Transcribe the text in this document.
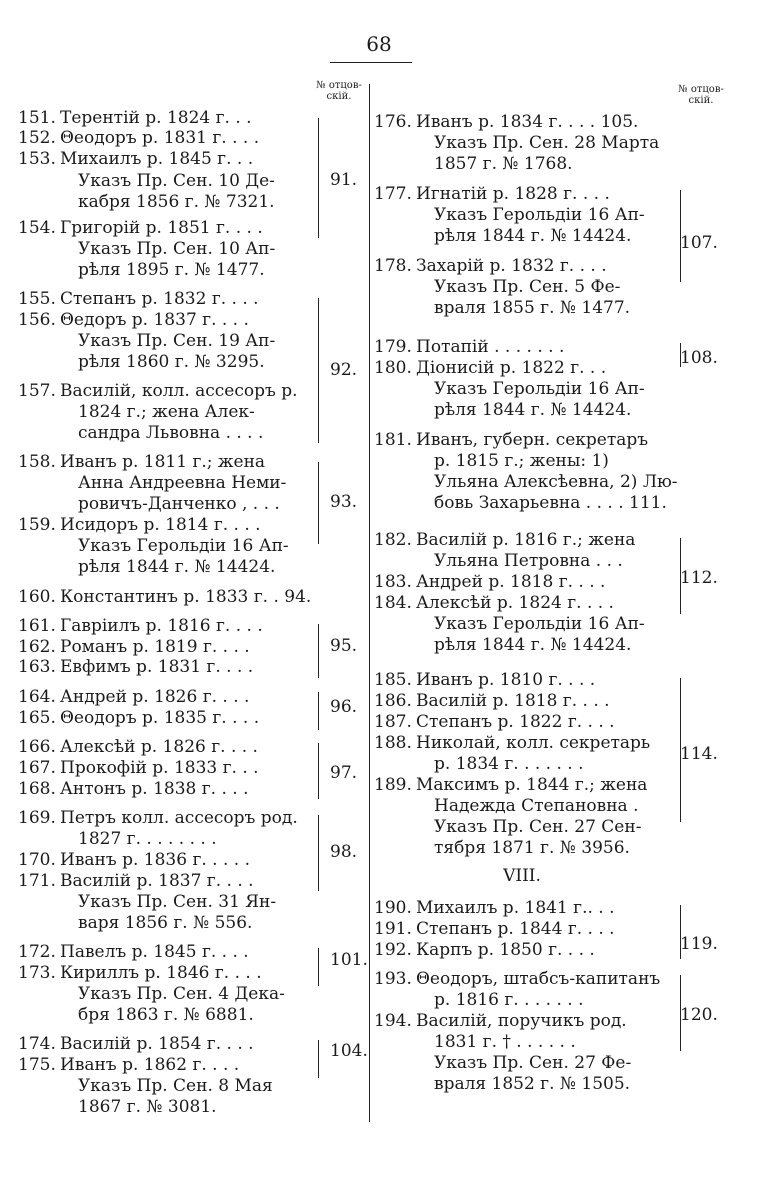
68
№ отцов-
скій.
151. Терентій р. 1824 г. . .
152. Θеодоръ р. 1831 г. . . .
153. Михаилъ р. 1845 г. . .
Указъ Пр. Сен. 10 Де-
кабря 1856 г. № 7321.
154. Григорій р. 1851 г. . . .
Указъ Пр. Сен. 10 Ап-
рѣля 1895 г. № 1477.
155. Степанъ р. 1832 г. . . .
156. Θедоръ р. 1837 г. . . .
Указъ Пр. Сен. 19 Ап-
рѣля 1860 г. № 3295.
157. Василій, колл. ассесоръ р.
1824 г.; жена Алек-
сандра Львовна . . . .
158. Иванъ р. 1811 г.; жена
Анна Андреевна Неми-
ровичъ-Данченко , . . .
159. Исидоръ р. 1814 г. . . .
Указъ Герольдіи 16 Ап-
рѣля 1844 г. № 14424.
160. Константинъ р. 1833 г. . 94.
161. Гавріилъ р. 1816 г. . . .
162. Романъ р. 1819 г. . . .
163. Евфимъ р. 1831 г. . . .
164. Андрей р. 1826 г. . . .
165. Θеодоръ р. 1835 г. . . .
166. Алексѣй р. 1826 г. . . .
167. Прокофій р. 1833 г. . .
168. Антонъ р. 1838 г. . . .
169. Петръ колл. ассесоръ род.
1827 г. . . . . . . .
170. Иванъ р. 1836 г. . . . .
171. Василій р. 1837 г. . . .
Указъ Пр. Сен. 31 Ян-
варя 1856 г. № 556.
172. Павелъ р. 1845 г. . . .
173. Кириллъ р. 1846 г. . . .
Указъ Пр. Сен. 4 Дека-
бря 1863 г. № 6881.
174. Василій р. 1854 г. . . .
175. Иванъ р. 1862 г. . . .
Указъ Пр. Сен. 8 Мая
1867 г. № 3081.
91.
92.
93.
95.
96.
97.
98.
101.
104.
№ отцов-
скій.
176. Иванъ р. 1834 г. . . . 105.
Указъ Пр. Сен. 28 Марта
1857 г. № 1768.
177. Игнатій р. 1828 г. . . .
Указъ Герольдіи 16 Ап-
рѣля 1844 г. № 14424.
178. Захарій р. 1832 г. . . .
Указъ Пр. Сен. 5 Фе-
враля 1855 г. № 1477.
179. Потапій . . . . . . .
180. Діонисій р. 1822 г. . .
Указъ Герольдіи 16 Ап-
рѣля 1844 г. № 14424.
181. Иванъ, губерн. секретаръ
р. 1815 г.; жены: 1)
Ульяна Алексѣевна, 2) Лю-
бовь Захарьевна . . . . 111.
182. Василій р. 1816 г.; жена
Ульяна Петровна . . .
183. Андрей р. 1818 г. . . .
184. Алексѣй р. 1824 г. . . .
Указъ Герольдіи 16 Ап-
рѣля 1844 г. № 14424.
185. Иванъ р. 1810 г. . . .
186. Василій р. 1818 г. . . .
187. Степанъ р. 1822 г. . . .
188. Николай, колл. секретарь
р. 1834 г. . . . . . .
189. Максимъ р. 1844 г.; жена
Надежда Степановна .
Указъ Пр. Сен. 27 Сен-
тября 1871 г. № 3956.
VIII.
190. Михаилъ р. 1841 г.. . .
191. Степанъ р. 1844 г. . . .
192. Карпъ р. 1850 г. . . .
193. Θеодоръ, штабсъ-капитанъ
р. 1816 г. . . . . . .
194. Василій, поручикъ род.
1831 г. † . . . . . .
Указъ Пр. Сен. 27 Фе-
враля 1852 г. № 1505.
107.
108.
112.
114.
119.
120.
